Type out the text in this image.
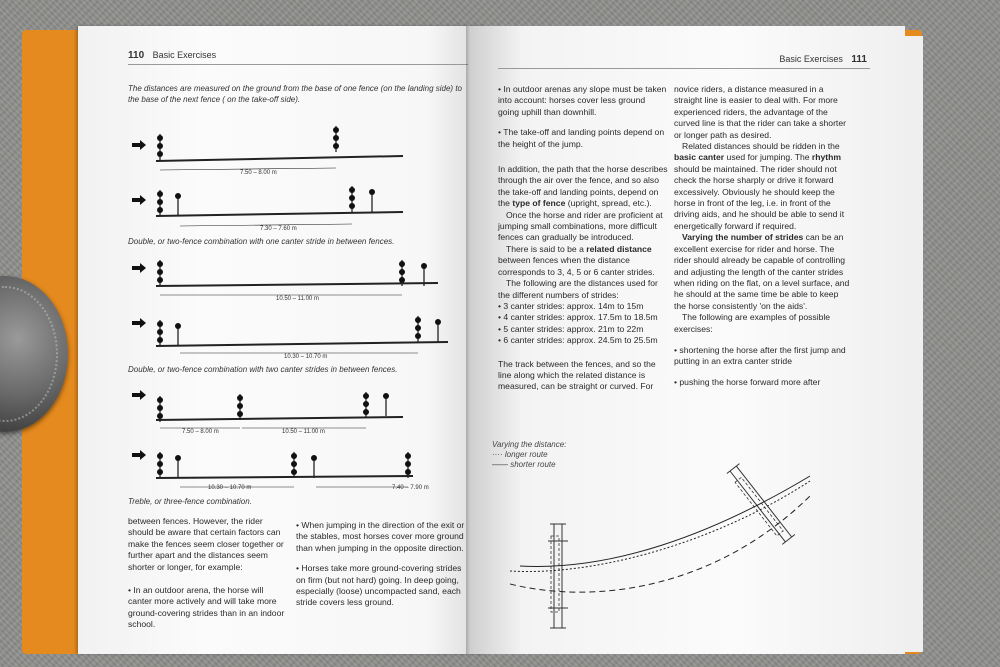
110 Basic Exercises
The distances are measured on the ground from the base of one fence (on the landing side) to the base of the next fence ( on the take-off side).
7.50 – 8.00 m
7.30 – 7.60 m
Double, or two-fence combination with one canter stride in between fences.
10.50 – 11.00 m
10.30 – 10.70 m
Double, or two-fence combination with two canter strides in between fences.
7.50 – 8.00 m	10.50 – 11.00 m
10.30 – 10.70 m	7.40 – 7.90 m
Treble, or three-fence combination.
between fences. However, the rider should be aware that certain factors can make the fences seem closer together or further apart and the distances seem shorter or longer, for example:
• In an outdoor arena, the horse will canter more actively and will take more ground-covering strides than in an indoor school.
• When jumping in the direction of the exit or the stables, most horses cover more ground than when jumping in the opposite direction.
• Horses take more ground-covering strides on firm (but not hard) going. In deep going, especially (loose) uncompacted sand, each stride covers less ground.
Basic Exercises 111
• In outdoor arenas any slope must be taken into account: horses cover less ground going uphill than downhill.
• The take-off and landing points depend on the height of the jump.
In addition, the path that the horse describes through the air over the fence, and so also the take-off and landing points, depend on the type of fence (upright, spread, etc.).
Once the horse and rider are proficient at jumping small combinations, more difficult fences can gradually be introduced.
There is said to be a related distance between fences when the distance corresponds to 3, 4, 5 or 6 canter strides.
The following are the distances used for the different numbers of strides:
• 3 canter strides: approx. 14m to 15m
• 4 canter strides: approx. 17.5m to 18.5m
• 5 canter strides: approx. 21m to 22m
• 6 canter strides: approx. 24.5m to 25.5m
The track between the fences, and so the line along which the related distance is measured, can be straight or curved. For
novice riders, a distance measured in a straight line is easier to deal with. For more experienced riders, the advantage of the curved line is that the rider can take a shorter or longer path as desired.
Related distances should be ridden in the basic canter used for jumping. The rhythm should be maintained. The rider should not check the horse sharply or drive it forward excessively. Obviously he should keep the horse in front of the leg, i.e. in front of the driving aids, and he should be able to send it energetically forward if required.
Varying the number of strides can be an excellent exercise for rider and horse. The rider should already be capable of controlling and adjusting the length of the canter strides when riding on the flat, on a level surface, and he should at the same time be able to keep the horse consistently 'on the aids'.
The following are examples of possible exercises:
• shortening the horse after the first jump and putting in an extra canter stride
• pushing the horse forward more after
Varying the distance:
···· longer route
—— shorter route
